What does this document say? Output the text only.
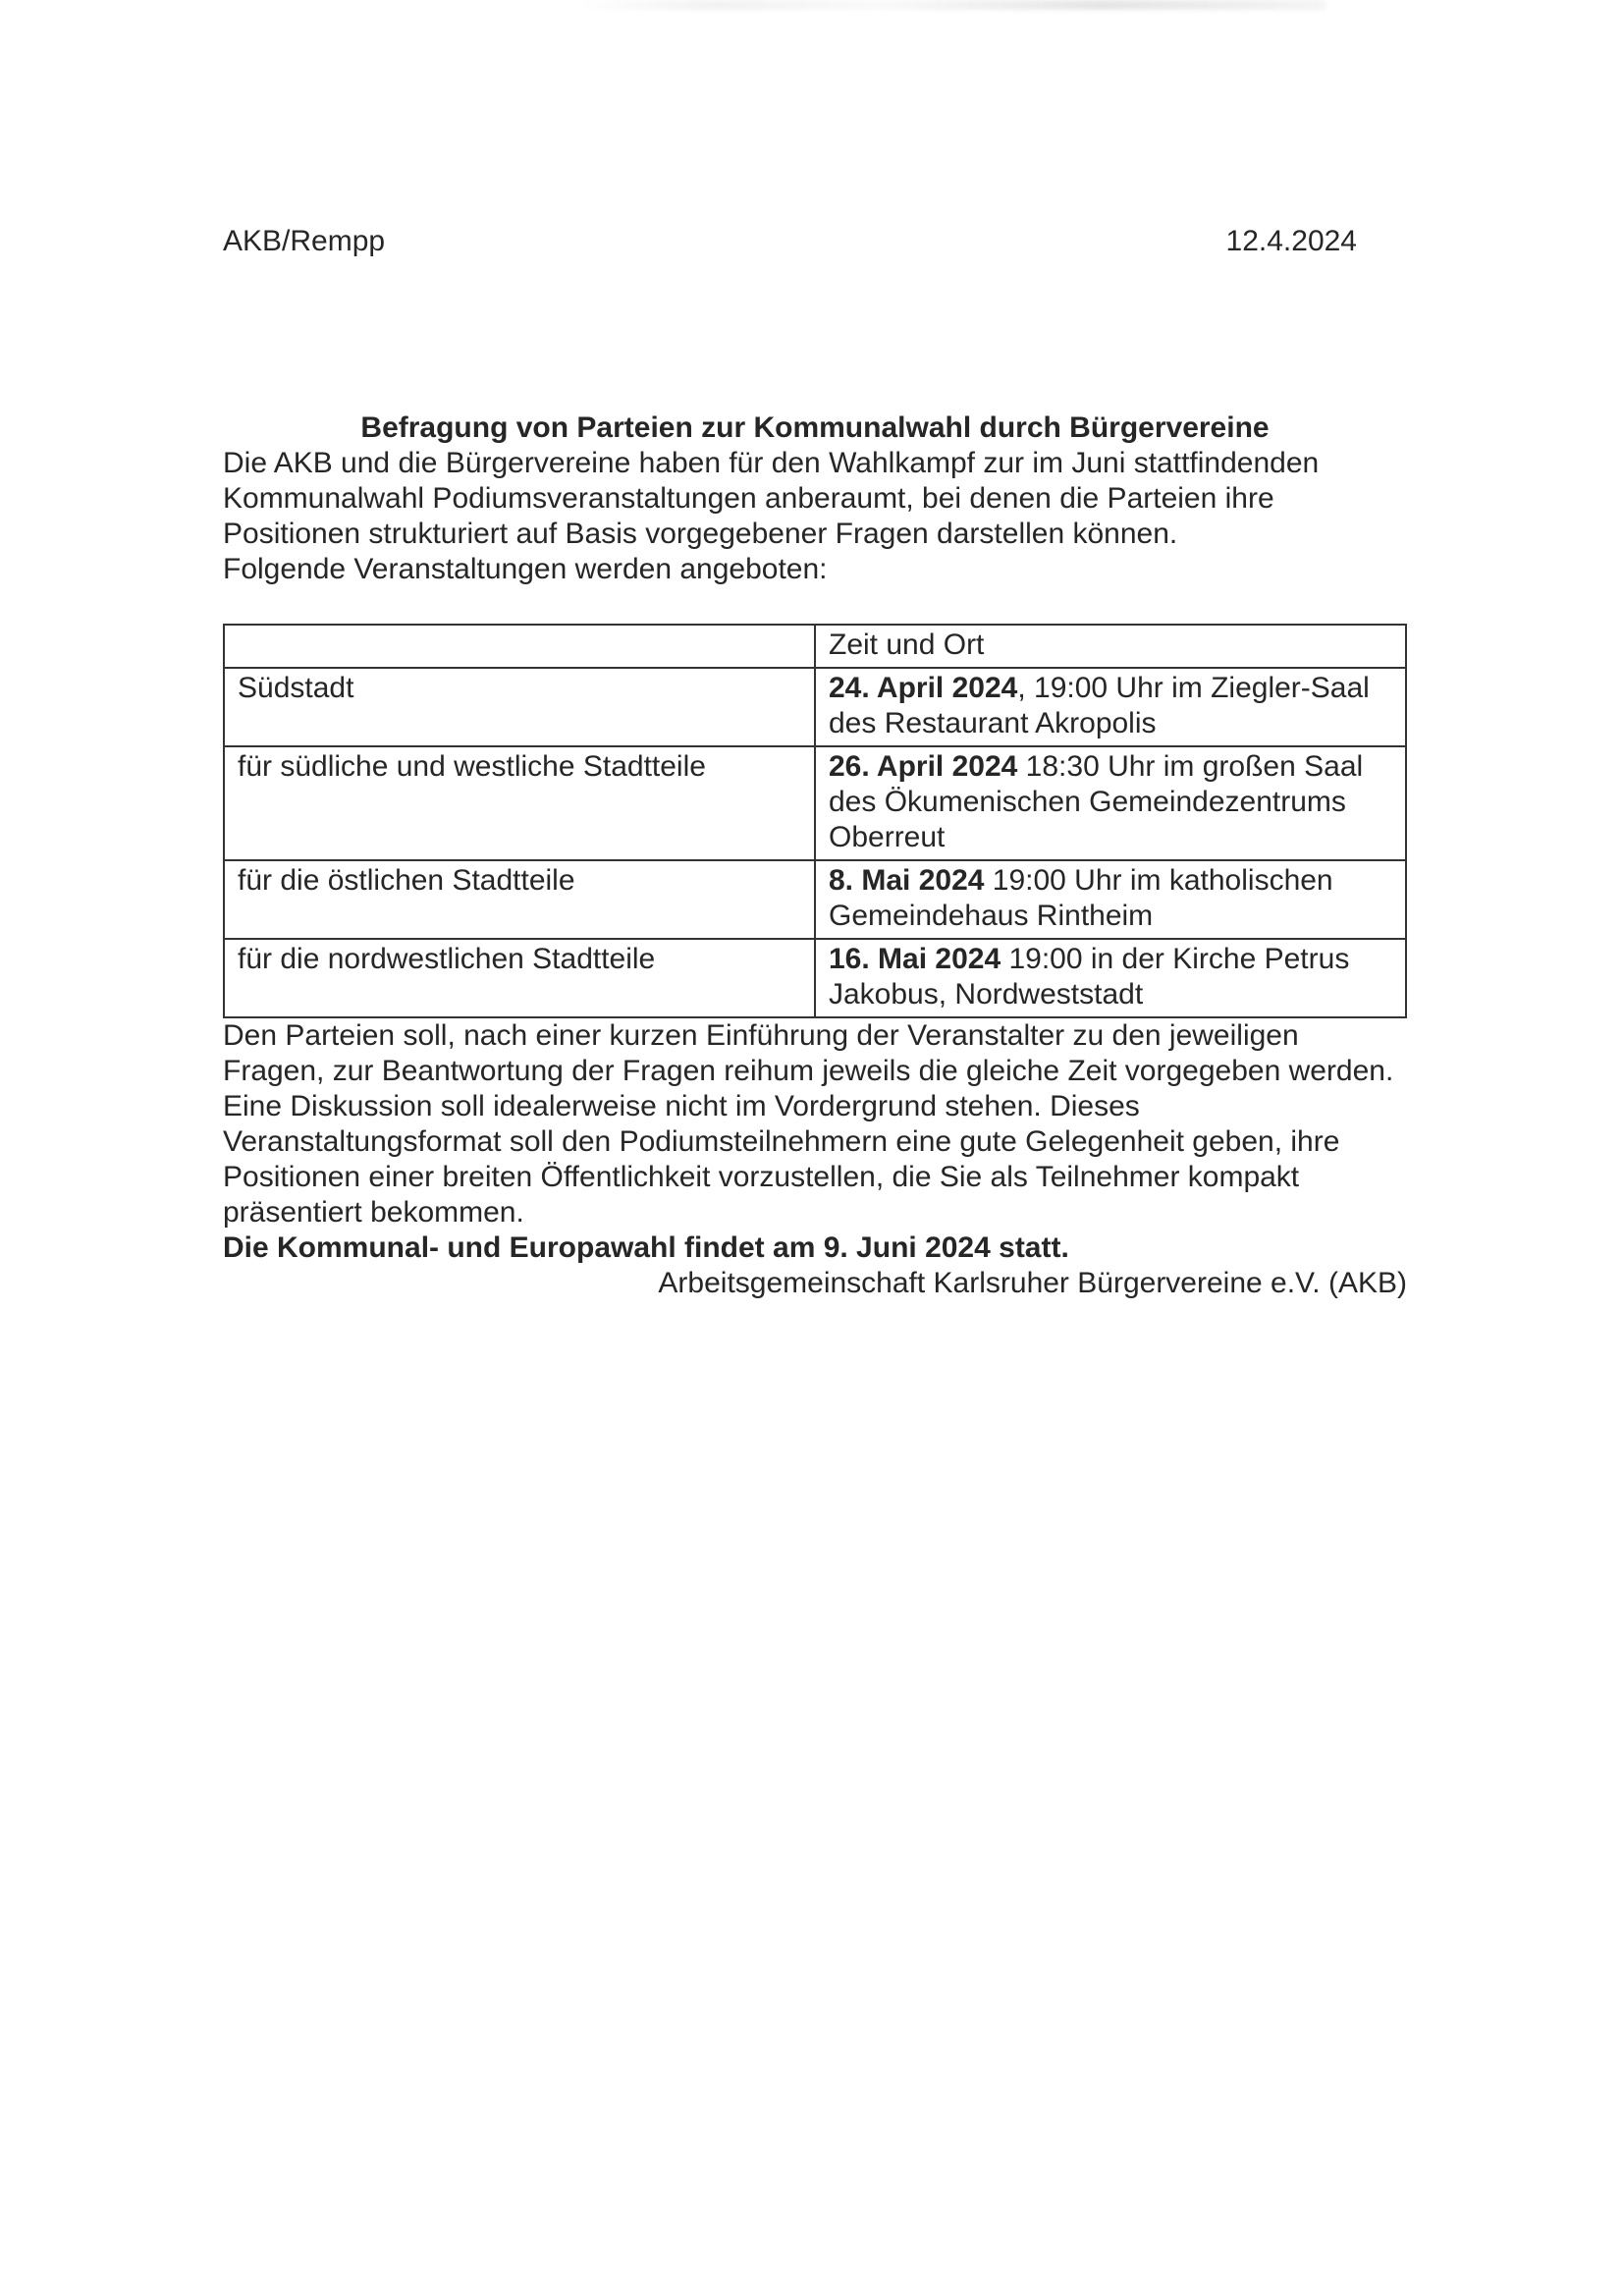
AKB/Rempp	12.4.2024
Befragung von Parteien zur Kommunalwahl durch Bürgervereine

Die AKB und die Bürgervereine haben für den Wahlkampf zur im Juni stattfindenden Kommunalwahl Podiumsveranstaltungen anberaumt, bei denen die Parteien ihre Positionen strukturiert auf Basis vorgegebener Fragen darstellen können.

Folgende Veranstaltungen werden angeboten:

	Zeit und Ort
Südstadt	24. April 2024, 19:00 Uhr im Ziegler-Saal des Restaurant Akropolis
für südliche und westliche Stadtteile	26. April 2024 18:30 Uhr im großen Saal des Ökumenischen Gemeindezentrums Oberreut
für die östlichen Stadtteile	8. Mai 2024 19:00 Uhr im katholischen Gemeindehaus Rintheim
für die nordwestlichen Stadtteile	16. Mai 2024 19:00 in der Kirche Petrus Jakobus, Nordweststadt

Den Parteien soll, nach einer kurzen Einführung der Veranstalter zu den jeweiligen Fragen, zur Beantwortung der Fragen reihum jeweils die gleiche Zeit vorgegeben werden. Eine Diskussion soll idealerweise nicht im Vordergrund stehen. Dieses Veranstaltungsformat soll den Podiumsteilnehmern eine gute Gelegenheit geben, ihre Positionen einer breiten Öffentlichkeit vorzustellen, die Sie als Teilnehmer kompakt präsentiert bekommen.

Die Kommunal- und Europawahl findet am 9. Juni 2024 statt.

Arbeitsgemeinschaft Karlsruher Bürgervereine e.V. (AKB)
